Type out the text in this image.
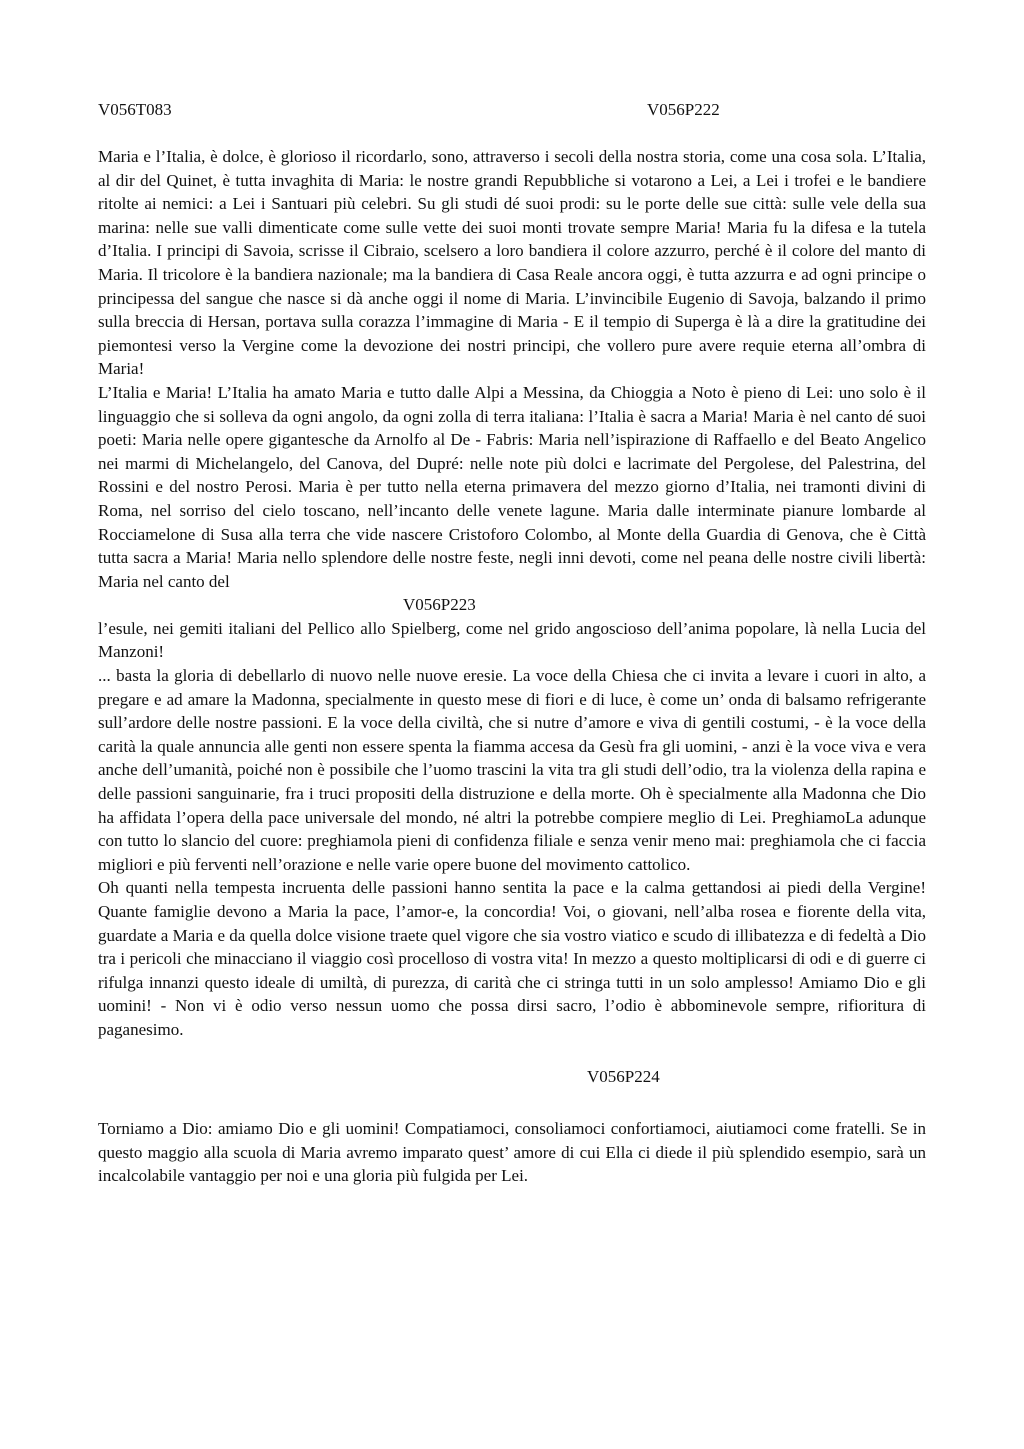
V056T083	V056P222

Maria e l’Italia, è dolce, è glorioso il ricordarlo, sono, attraverso i secoli della nostra storia, come una cosa sola. L’Italia, al dir del Quinet, è tutta invaghita di Maria: le nostre grandi Repubbliche si votarono a Lei, a Lei i trofei e le bandiere ritolte ai nemici: a Lei i Santuari più celebri. Su gli studi dé suoi prodi: su le porte delle sue città: sulle vele della sua marina: nelle sue valli dimenticate come sulle vette dei suoi monti trovate sempre Maria! Maria fu la difesa e la tutela d’Italia. I principi di Savoia, scrisse il Cibraio, scelsero a loro bandiera il colore azzurro, perché è il colore del manto di Maria. Il tricolore è la bandiera nazionale; ma la bandiera di Casa Reale ancora oggi, è tutta azzurra e ad ogni principe o principessa del sangue che nasce si dà anche oggi il nome di Maria. L’invincibile Eugenio di Savoja, balzando il primo sulla breccia di Hersan, portava sulla corazza l’immagine di Maria - E il tempio di Superga è là a dire la gratitudine dei piemontesi verso la Vergine come la devozione dei nostri principi, che vollero pure avere requie eterna all’ombra di Maria!

L’Italia e Maria! L’Italia ha amato Maria e tutto dalle Alpi a Messina, da Chioggia a Noto è pieno di Lei: uno solo è il linguaggio che si solleva da ogni angolo, da ogni zolla di terra italiana: l’Italia è sacra a Maria! Maria è nel canto dé suoi poeti: Maria nelle opere gigantesche da Arnolfo al De - Fabris: Maria nell’ispirazione di Raffaello e del Beato Angelico nei marmi di Michelangelo, del Canova, del Dupré: nelle note più dolci e lacrimate del Pergolese, del Palestrina, del Rossini e del nostro Perosi. Maria è per tutto nella eterna primavera del mezzo giorno d’Italia, nei tramonti divini di Roma, nel sorriso del cielo toscano, nell’incanto delle venete lagune. Maria dalle interminate pianure lombarde al Rocciamelone di Susa alla terra che vide nascere Cristoforo Colombo, al Monte della Guardia di Genova, che è Città tutta sacra a Maria! Maria nello splendore delle nostre feste, negli inni devoti, come nel peana delle nostre civili libertà: Maria nel canto del

V056P223

l’esule, nei gemiti italiani del Pellico allo Spielberg, come nel grido angoscioso dell’anima popolare, là nella Lucia del Manzoni!

... basta la gloria di debellarlo di nuovo nelle nuove eresie. La voce della Chiesa che ci invita a levare i cuori in alto, a pregare e ad amare la Madonna, specialmente in questo mese di fiori e di luce, è come un’ onda di balsamo refrigerante sull’ardore delle nostre passioni. E la voce della civiltà, che si nutre d’amore e viva di gentili costumi, - è la voce della carità la quale annuncia alle genti non essere spenta la fiamma accesa da Gesù fra gli uomini, - anzi è la voce viva e vera anche dell’umanità, poiché non è possibile che l’uomo trascini la vita tra gli studi dell’odio, tra la violenza della rapina e delle passioni sanguinarie, fra i truci propositi della distruzione e della morte. Oh è specialmente alla Madonna che Dio ha affidata l’opera della pace universale del mondo, né altri la potrebbe compiere meglio di Lei. PreghiamoLa adunque con tutto lo slancio del cuore: preghiamola pieni di confidenza filiale e senza venir meno mai: preghiamola che ci faccia migliori e più ferventi nell’orazione e nelle varie opere buone del movimento cattolico.

Oh quanti nella tempesta incruenta delle passioni hanno sentita la pace e la calma gettandosi ai piedi della Vergine! Quante famiglie devono a Maria la pace, l’amor-e, la concordia! Voi, o giovani, nell’alba rosea e fiorente della vita, guardate a Maria e da quella dolce visione traete quel vigore che sia vostro viatico e scudo di illibatezza e di fedeltà a Dio tra i pericoli che minacciano il viaggio così procelloso di vostra vita! In mezzo a questo moltiplicarsi di odi e di guerre ci rifulga innanzi questo ideale di umiltà, di purezza, di carità che ci stringa tutti in un solo amplesso! Amiamo Dio e gli uomini! - Non vi è odio verso nessun uomo che possa dirsi sacro, l’odio è abbominevole sempre, rifioritura di paganesimo.

V056P224

Torniamo a Dio: amiamo Dio e gli uomini! Compatiamoci, consoliamoci confortiamoci, aiutiamoci come fratelli. Se in questo maggio alla scuola di Maria avremo imparato quest’ amore di cui Ella ci diede il più splendido esempio, sarà un incalcolabile vantaggio per noi e una gloria più fulgida per Lei.
